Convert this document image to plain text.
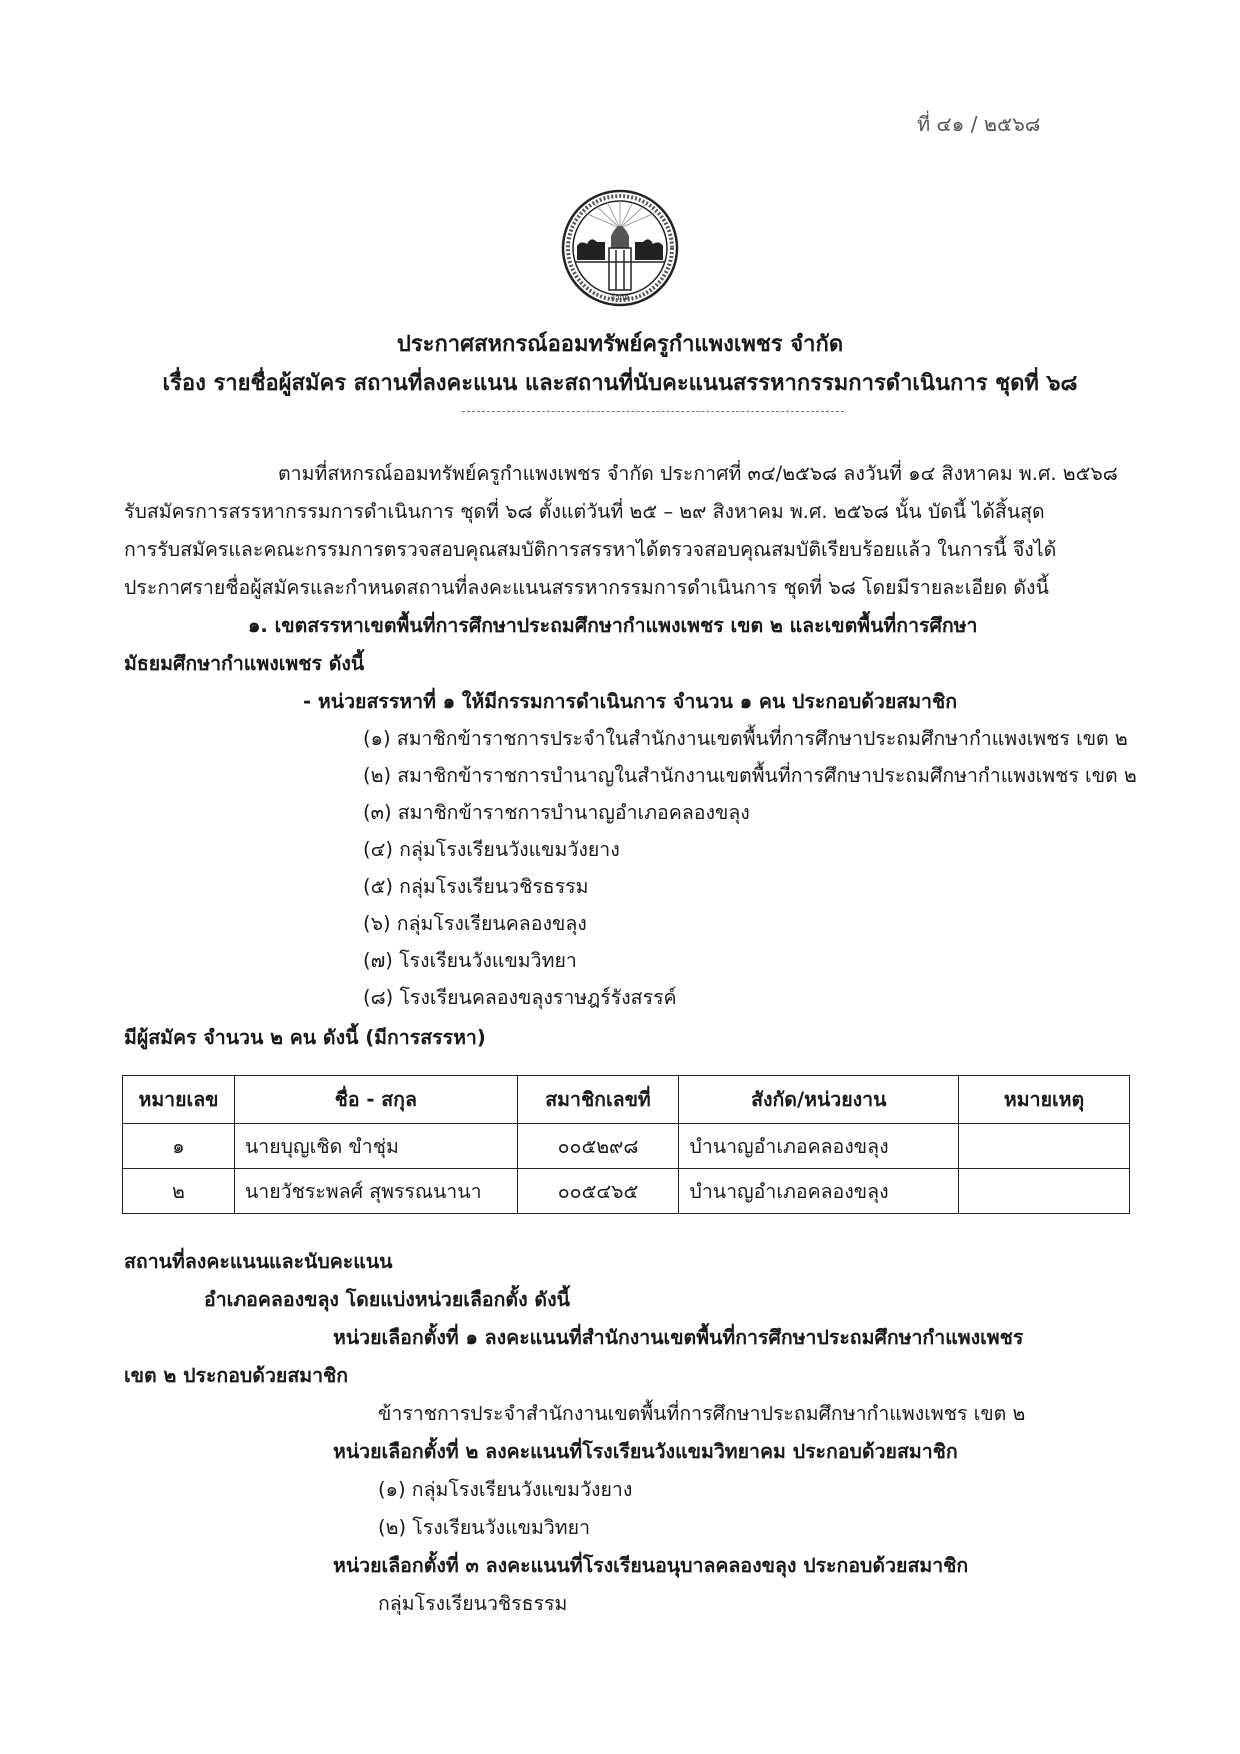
ที่ ๔๑ / ๒๕๖๘
จำกัด
ประกาศสหกรณ์ออมทรัพย์ครูกำแพงเพชร จำกัด
เรื่อง รายชื่อผู้สมัคร สถานที่ลงคะแนน และสถานที่นับคะแนนสรรหากรรมการดำเนินการ ชุดที่ ๖๘
ตามที่สหกรณ์ออมทรัพย์ครูกำแพงเพชร จำกัด ประกาศที่ ๓๔/๒๕๖๘ ลงวันที่ ๑๔ สิงหาคม พ.ศ. ๒๕๖๘
รับสมัครการสรรหากรรมการดำเนินการ ชุดที่ ๖๘ ตั้งแต่วันที่ ๒๕ – ๒๙ สิงหาคม พ.ศ. ๒๕๖๘ นั้น บัดนี้ ได้สิ้นสุด
การรับสมัครและคณะกรรมการตรวจสอบคุณสมบัติการสรรหาได้ตรวจสอบคุณสมบัติเรียบร้อยแล้ว ในการนี้ จึงได้
ประกาศรายชื่อผู้สมัครและกำหนดสถานที่ลงคะแนนสรรหากรรมการดำเนินการ ชุดที่ ๖๘ โดยมีรายละเอียด ดังนี้
๑. เขตสรรหาเขตพื้นที่การศึกษาประถมศึกษากำแพงเพชร เขต ๒ และเขตพื้นที่การศึกษา
มัธยมศึกษากำแพงเพชร ดังนี้
- หน่วยสรรหาที่ ๑ ให้มีกรรมการดำเนินการ จำนวน ๑ คน ประกอบด้วยสมาชิก
(๑) สมาชิกข้าราชการประจำในสำนักงานเขตพื้นที่การศึกษาประถมศึกษากำแพงเพชร เขต ๒
(๒) สมาชิกข้าราชการบำนาญในสำนักงานเขตพื้นที่การศึกษาประถมศึกษากำแพงเพชร เขต ๒
(๓) สมาชิกข้าราชการบำนาญอำเภอคลองขลุง
(๔) กลุ่มโรงเรียนวังแขมวังยาง
(๕) กลุ่มโรงเรียนวชิรธรรม
(๖) กลุ่มโรงเรียนคลองขลุง
(๗) โรงเรียนวังแขมวิทยา
(๘) โรงเรียนคลองขลุงราษฎร์รังสรรค์
มีผู้สมัคร จำนวน ๒ คน ดังนี้ (มีการสรรหา)
หมายเลข	ชื่อ - สกุล	สมาชิกเลขที่	สังกัด/หน่วยงาน	หมายเหตุ
๑	นายบุญเชิด ขำชุ่ม	๐๐๕๒๙๘	บำนาญอำเภอคลองขลุง	
๒	นายวัชระพลศ์ สุพรรณนานา	๐๐๕๔๖๕	บำนาญอำเภอคลองขลุง	
สถานที่ลงคะแนนและนับคะแนน
อำเภอคลองขลุง โดยแบ่งหน่วยเลือกตั้ง ดังนี้
หน่วยเลือกตั้งที่ ๑ ลงคะแนนที่สำนักงานเขตพื้นที่การศึกษาประถมศึกษากำแพงเพชร
เขต ๒ ประกอบด้วยสมาชิก
ข้าราชการประจำสำนักงานเขตพื้นที่การศึกษาประถมศึกษากำแพงเพชร เขต ๒
หน่วยเลือกตั้งที่ ๒ ลงคะแนนที่โรงเรียนวังแขมวิทยาคม ประกอบด้วยสมาชิก
(๑) กลุ่มโรงเรียนวังแขมวังยาง
(๒) โรงเรียนวังแขมวิทยา
หน่วยเลือกตั้งที่ ๓ ลงคะแนนที่โรงเรียนอนุบาลคลองขลุง ประกอบด้วยสมาชิก
กลุ่มโรงเรียนวชิรธรรม
